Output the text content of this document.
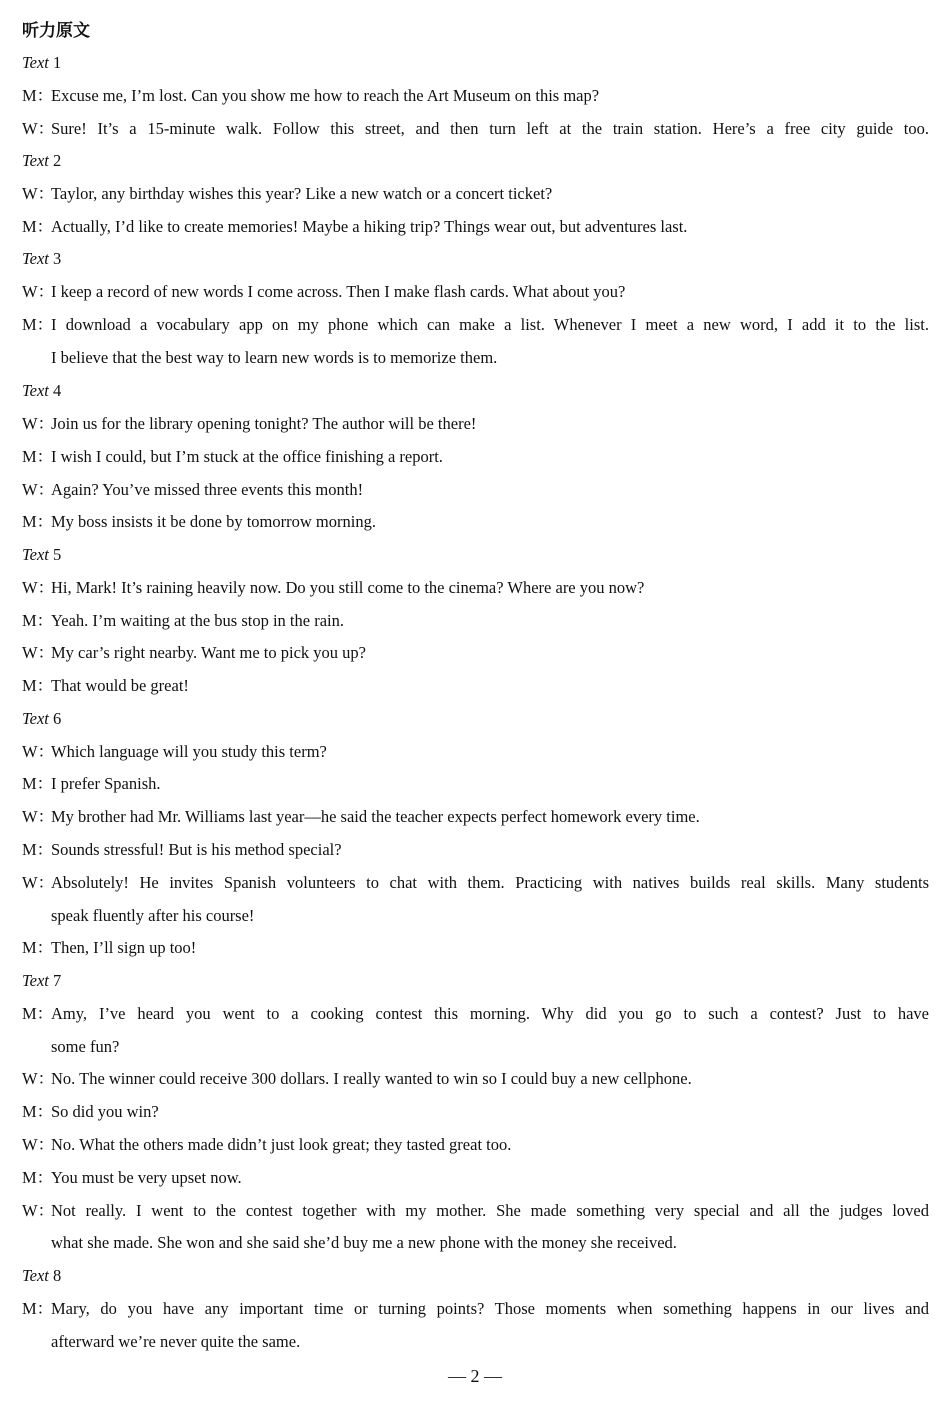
听力原文
Text 1
Text 2
Text 3
Text 4
Text 5
Text 6
Text 7
Text 8
M：Excuse me, I’m lost. Can you show me how to reach the Art Museum on this map?
W：Sure! It’s a 15-minute walk. Follow this street, and then turn left at the train station. Here’s a free city guide too.
W：Taylor, any birthday wishes this year? Like a new watch or a concert ticket?
M：Actually, I’d like to create memories! Maybe a hiking trip? Things wear out, but adventures last.
W：I keep a record of new words I come across. Then I make flash cards. What about you?
M：I download a vocabulary app on my phone which can make a list. Whenever I meet a new word, I add it to the list.
I believe that the best way to learn new words is to memorize them.
W：Join us for the library opening tonight? The author will be there!
M：I wish I could, but I’m stuck at the office finishing a report.
W：Again? You’ve missed three events this month!
M：My boss insists it be done by tomorrow morning.
W：Hi, Mark! It’s raining heavily now. Do you still come to the cinema? Where are you now?
M：Yeah. I’m waiting at the bus stop in the rain.
W：My car’s right nearby. Want me to pick you up?
M：That would be great!
W：Which language will you study this term?
M：I prefer Spanish.
W：My brother had Mr. Williams last year—he said the teacher expects perfect homework every time.
M：Sounds stressful! But is his method special?
W：Absolutely! He invites Spanish volunteers to chat with them. Practicing with natives builds real skills. Many students
speak fluently after his course!
M：Then, I’ll sign up too!
M：Amy, I’ve heard you went to a cooking contest this morning. Why did you go to such a contest? Just to have
some fun?
W：No. The winner could receive 300 dollars. I really wanted to win so I could buy a new cellphone.
M：So did you win?
W：No. What the others made didn’t just look great; they tasted great too.
M：You must be very upset now.
W：Not really. I went to the contest together with my mother. She made something very special and all the judges loved
what she made. She won and she said she’d buy me a new phone with the money she received.
M：Mary, do you have any important time or turning points? Those moments when something happens in our lives and
afterward we’re never quite the same.
— 2 —
